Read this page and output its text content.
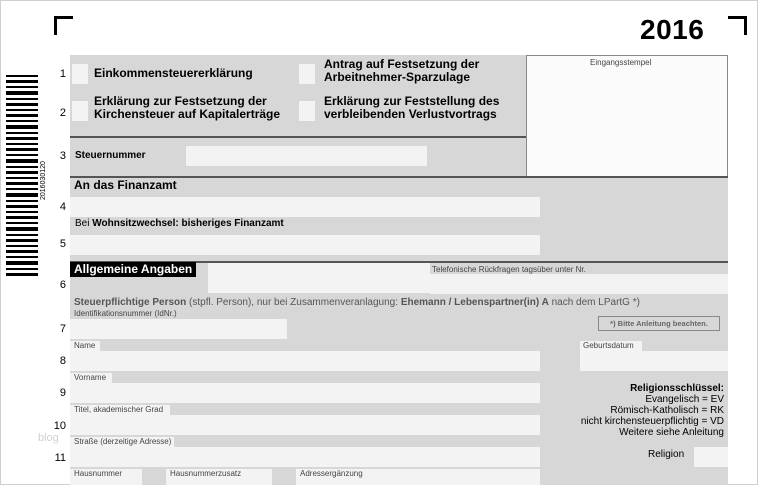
2016
2016030120
Eingangsstempel
1
2
3
4
5
6
7
8
9
10
11
Einkommensteuererklärung
Antrag auf Festsetzung der
Arbeitnehmer-Sparzulage
Erklärung zur Festsetzung der
Kirchensteuer auf Kapitalerträge
Erklärung zur Feststellung des
verbleibenden Verlustvortrags
Steuernummer
An das Finanzamt
Bei Wohnsitzwechsel: bisheriges Finanzamt
Allgemeine Angaben	Telefonische Rückfragen tagsüber unter Nr.
Steuerpflichtige Person (stpfl. Person), nur bei Zusammenveranlagung: Ehemann / Lebenspartner(in) A nach dem LPartG *)
Identifikationsnummer (IdNr.)
*) Bitte Anleitung beachten.
Name	Geburtsdatum
Vorname
Titel, akademischer Grad
Straße (derzeitige Adresse)
Hausnummer	Hausnummerzusatz	Adressergänzung
Religionsschlüssel:
Evangelisch = EV
Römisch-Katholisch = RK
nicht kirchensteuerpflichtig = VD
Weitere siehe Anleitung
Religion
blog
